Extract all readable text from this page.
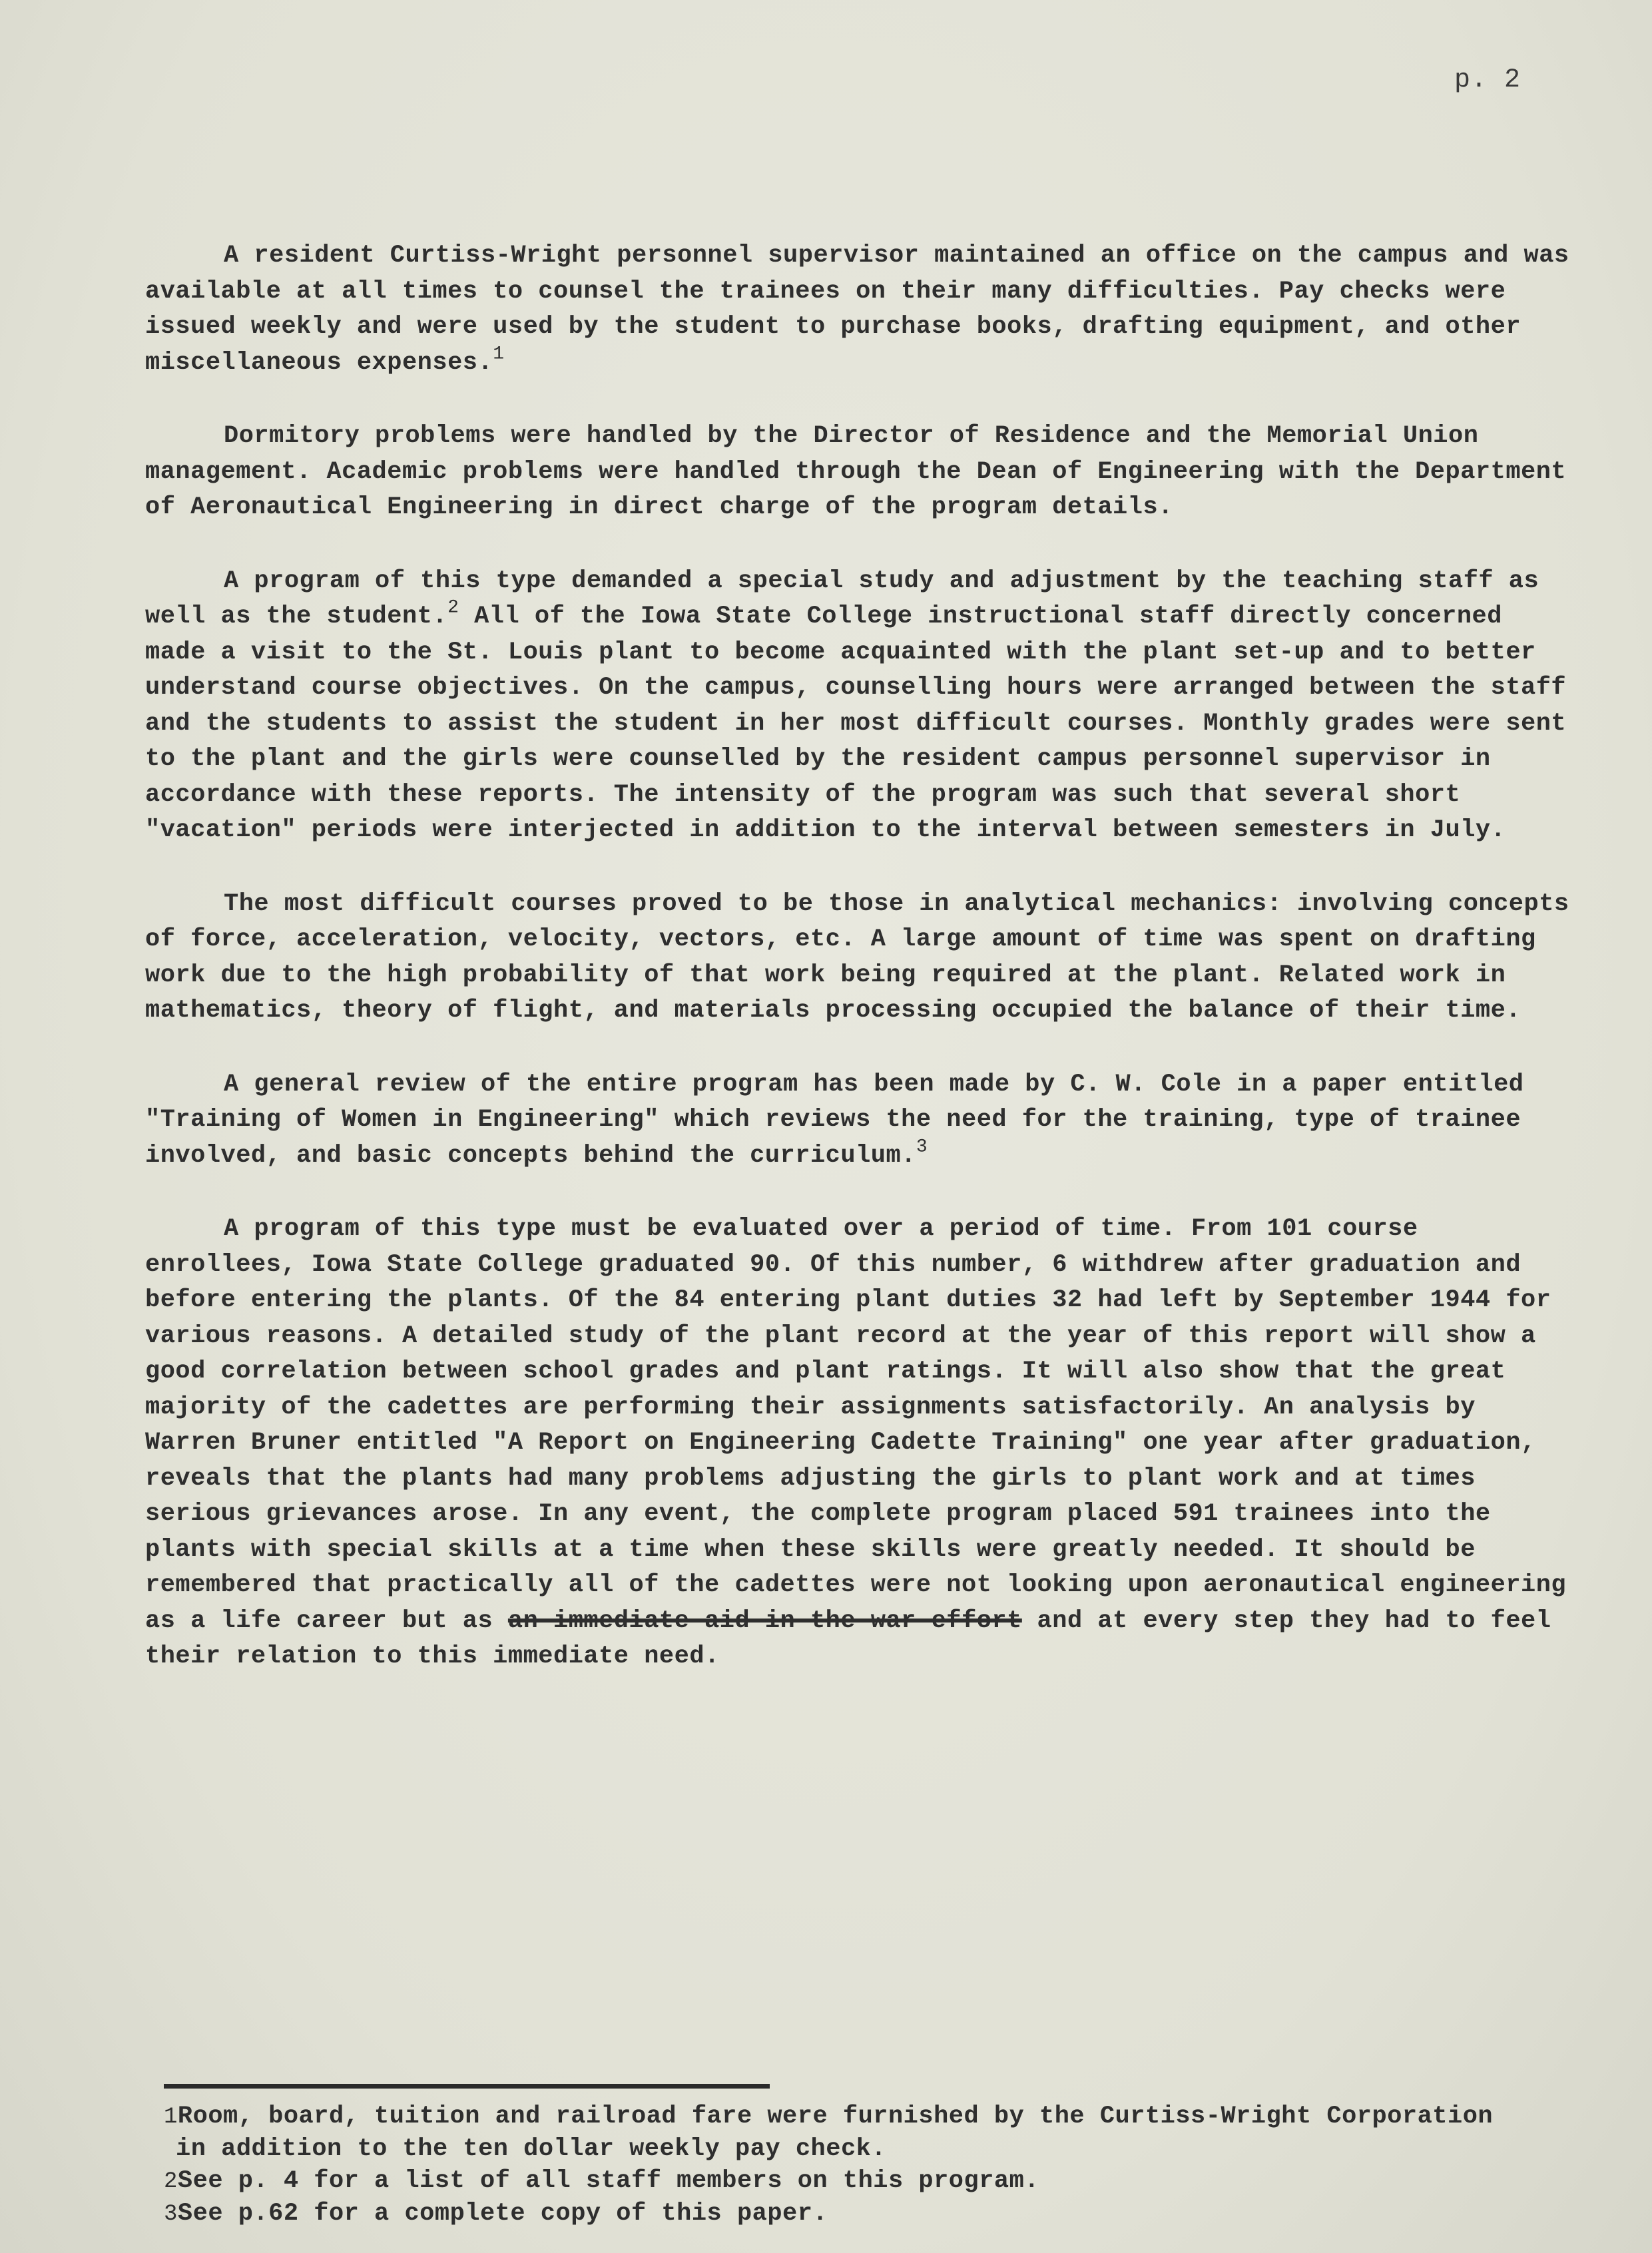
p. 2

A resident Curtiss-Wright personnel supervisor maintained an office on the campus and was available at all times to counsel the trainees on their many difficulties. Pay checks were issued weekly and were used by the student to purchase books, drafting equipment, and other miscellaneous expenses.$^1$

Dormitory problems were handled by the Director of Residence and the Memorial Union management. Academic problems were handled through the Dean of Engineering with the Department of Aeronautical Engineering in direct charge of the program details.

A program of this type demanded a special study and adjustment by the teaching staff as well as the student.$^2$ All of the Iowa State College instructional staff directly concerned made a visit to the St. Louis plant to become acquainted with the plant set-up and to better understand course objectives. On the campus, counselling hours were arranged between the staff and the students to assist the student in her most difficult courses. Monthly grades were sent to the plant and the girls were counselled by the resident campus personnel supervisor in accordance with these reports. The intensity of the program was such that several short "vacation" periods were interjected in addition to the interval between semesters in July.

The most difficult courses proved to be those in analytical mechanics: involving concepts of force, acceleration, velocity, vectors, etc. A large amount of time was spent on drafting work due to the high probability of that work being required at the plant. Related work in mathematics, theory of flight, and materials processing occupied the balance of their time.

A general review of the entire program has been made by C. W. Cole in a paper entitled "Training of Women in Engineering" which reviews the need for the training, type of trainee involved, and basic concepts behind the curriculum.$^3$

A program of this type must be evaluated over a period of time. From 101 course enrollees, Iowa State College graduated 90. Of this number, 6 withdrew after graduation and before entering the plants. Of the 84 entering plant duties 32 had left by September 1944 for various reasons. A detailed study of the plant record at the year of this report will show a good correlation between school grades and plant ratings. It will also show that the great majority of the cadettes are performing their assignments satisfactorily. An analysis by Warren Bruner entitled "A Report on Engineering Cadette Training" one year after graduation, reveals that the plants had many problems adjusting the girls to plant work and at times serious grievances arose. In any event, the complete program placed 591 trainees into the plants with special skills at a time when these skills were greatly needed. It should be remembered that practically all of the cadettes were not looking upon aeronautical engineering as a life career but as an immediate aid in the war effort and at every step they had to feel their relation to this immediate need.

1Room, board, tuition and railroad fare were furnished by the Curtiss-Wright Corporation in addition to the ten dollar weekly pay check.

2See p. 4 for a list of all staff members on this program.

3See p.62 for a complete copy of this paper.
